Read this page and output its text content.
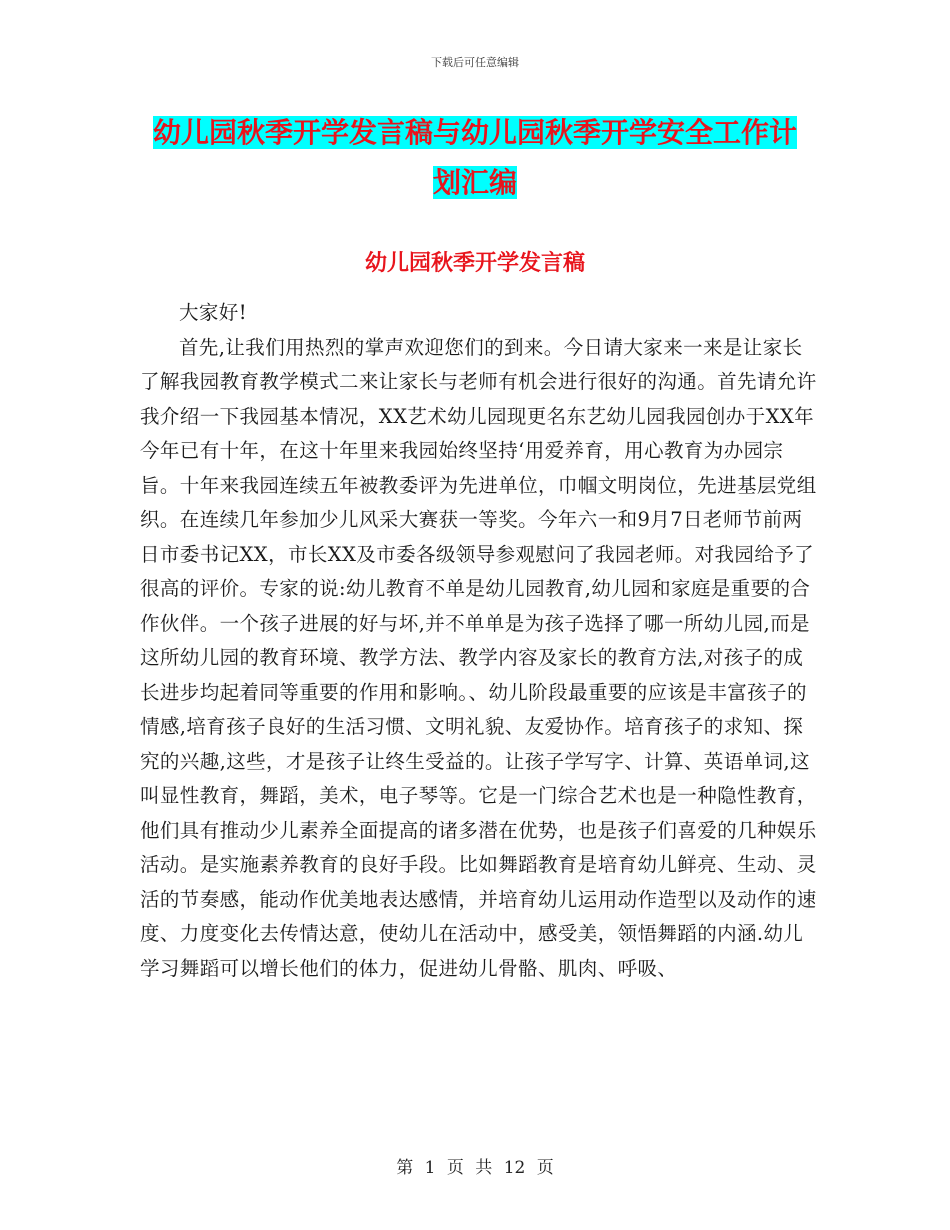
下载后可任意编辑
幼儿园秋季开学发言稿与幼儿园秋季开学安全工作计划汇编
幼儿园秋季开学发言稿

大家好!

首先,让我们用热烈的掌声欢迎您们的到来。今日请大家来一来是让家长了解我园教育教学模式二来让家长与老师有机会进行很好的沟通。首先请允许我介绍一下我园基本情况，XX艺术幼儿园现更名东艺幼儿园我园创办于XX年今年已有十年，在这十年里来我园始终坚持‘用爱养育，用心教育为办园宗旨。十年来我园连续五年被教委评为先进单位，巾帼文明岗位，先进基层党组织。在连续几年参加少儿风采大赛获一等奖。今年六一和9月7日老师节前两日市委书记XX，市长XX及市委各级领导参观慰问了我园老师。对我园给予了很高的评价。专家的说:幼儿教育不单是幼儿园教育,幼儿园和家庭是重要的合作伙伴。一个孩子进展的好与坏,并不单单是为孩子选择了哪一所幼儿园,而是这所幼儿园的教育环境、教学方法、教学内容及家长的教育方法,对孩子的成长进步均起着同等重要的作用和影响。、幼儿阶段最重要的应该是丰富孩子的情感,培育孩子良好的生活习惯、文明礼貌、友爱协作。培育孩子的求知、探究的兴趣,这些，才是孩子让终生受益的。让孩子学写字、计算、英语单词,这叫显性教育，舞蹈，美术，电子琴等。它是一门综合艺术也是一种隐性教育，他们具有推动少儿素养全面提高的诸多潜在优势，也是孩子们喜爱的几种娱乐活动。是实施素养教育的良好手段。比如舞蹈教育是培育幼儿鲜亮、生动、灵活的节奏感，能动作优美地表达感情，并培育幼儿运用动作造型以及动作的速度、力度变化去传情达意，使幼儿在活动中，感受美，领悟舞蹈的内涵.幼儿学习舞蹈可以增长他们的体力，促进幼儿骨骼、肌肉、呼吸、

第 1 页 共 12 页
